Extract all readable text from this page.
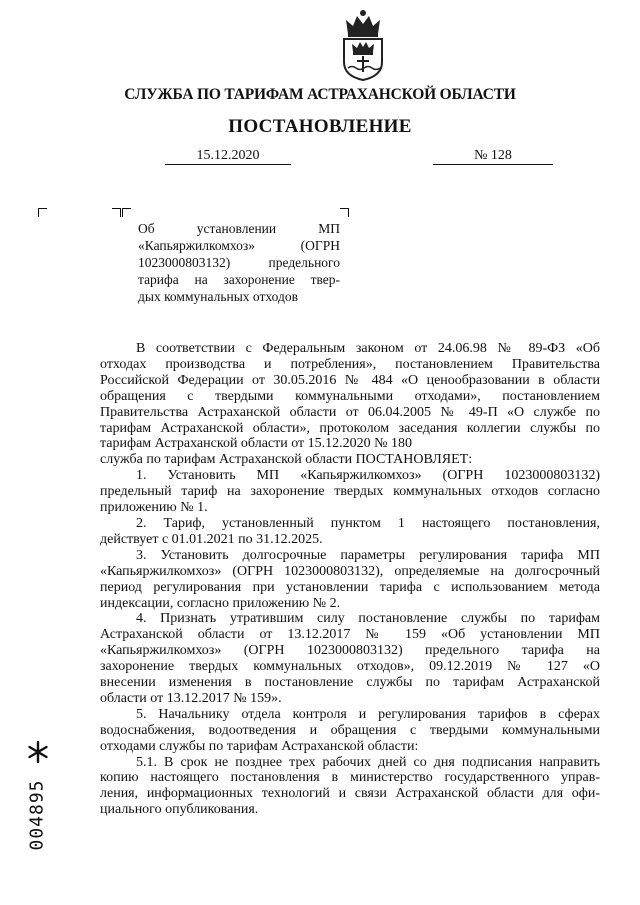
СЛУЖБА ПО ТАРИФАМ АСТРАХАНСКОЙ ОБЛАСТИ
ПОСТАНОВЛЕНИЕ
15.12.2020	№ 128
Об установлении МП
«Капьяржилкомхоз» (ОГРН
1023000803132) предельного
тарифа на захоронение твер-
дых коммунальных отходов
В соответствии с Федеральным законом от 24.06.98 № 89-ФЗ «Об
отходах производства и потребления», постановлением Правительства
Российской Федерации от 30.05.2016 № 484 «О ценообразовании в области
обращения с твердыми коммунальными отходами», постановлением
Правительства Астраханской области от 06.04.2005 № 49-П «О службе по
тарифам Астраханской области», протоколом заседания коллегии службы по
тарифам Астраханской области от 15.12.2020 № 180
служба по тарифам Астраханской области ПОСТАНОВЛЯЕТ:
1. Установить МП «Капьяржилкомхоз» (ОГРН 1023000803132)
предельный тариф на захоронение твердых коммунальных отходов согласно
приложению № 1.
2. Тариф, установленный пунктом 1 настоящего постановления,
действует с 01.01.2021 по 31.12.2025.
3. Установить долгосрочные параметры регулирования тарифа МП
«Капьяржилкомхоз» (ОГРН 1023000803132), определяемые на долгосрочный
период регулирования при установлении тарифа с использованием метода
индексации, согласно приложению № 2.
4. Признать утратившим силу постановление службы по тарифам
Астраханской области от 13.12.2017 № 159 «Об установлении МП
«Капьяржилкомхоз» (ОГРН 1023000803132) предельного тарифа на
захоронение твердых коммунальных отходов», 09.12.2019 № 127 «О
внесении изменения в постановление службы по тарифам Астраханской
области от 13.12.2017 № 159».
5. Начальнику отдела контроля и регулирования тарифов в сферах
водоснабжения, водоотведения и обращения с твердыми коммунальными
отходами службы по тарифам Астраханской области:
5.1. В срок не позднее трех рабочих дней со дня подписания направить
копию настоящего постановления в министерство государственного управ-
ления, информационных технологий и связи Астраханской области для офи-
циального опубликования.
004895
